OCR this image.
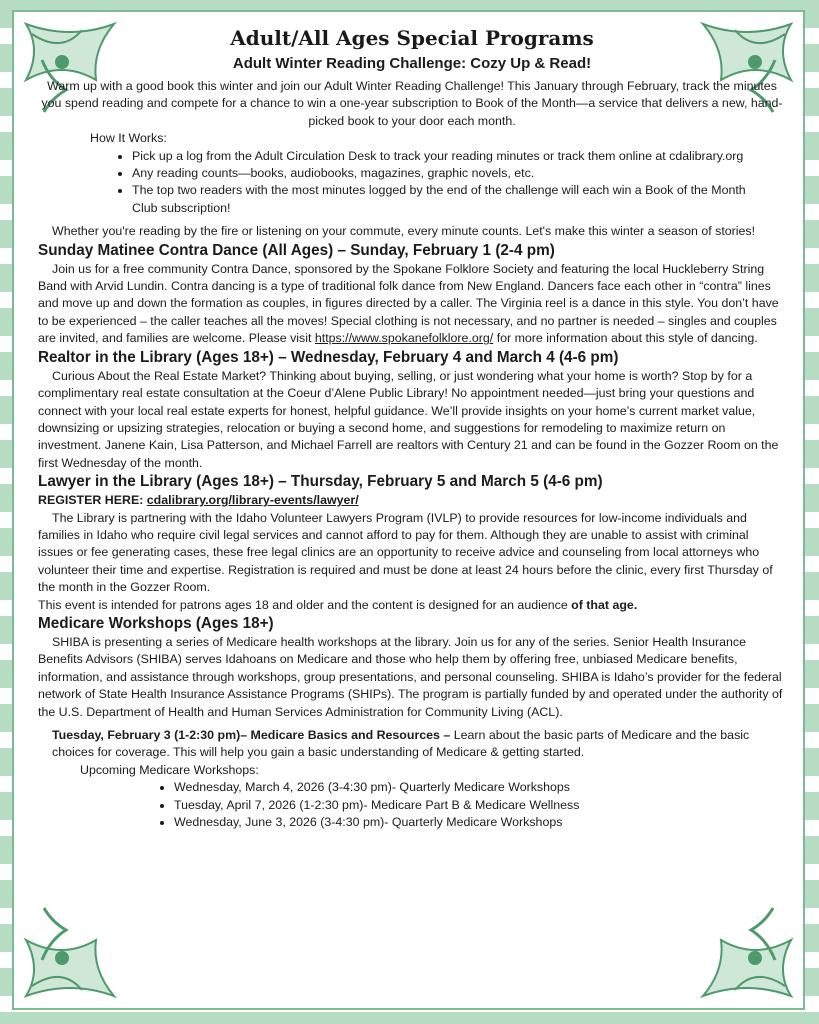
Adult/All Ages Special Programs
Adult Winter Reading Challenge: Cozy Up & Read!

Warm up with a good book this winter and join our Adult Winter Reading Challenge! This January through February, track the minutes you spend reading and compete for a chance to win a one-year subscription to Book of the Month—a service that delivers a new, hand-picked book to your door each month.

How It Works:

• Pick up a log from the Adult Circulation Desk to track your reading minutes or track them online at cdalibrary.org
• Any reading counts—books, audiobooks, magazines, graphic novels, etc.
• The top two readers with the most minutes logged by the end of the challenge will each win a Book of the Month Club subscription!

Whether you're reading by the fire or listening on your commute, every minute counts. Let's make this winter a season of stories!

Sunday Matinee Contra Dance (All Ages) – Sunday, February 1 (2-4 pm)

Join us for a free community Contra Dance, sponsored by the Spokane Folklore Society and featuring the local Huckleberry String Band with Arvid Lundin. Contra dancing is a type of traditional folk dance from New England. Dancers face each other in “contra” lines and move up and down the formation as couples, in figures directed by a caller. The Virginia reel is a dance in this style. You don’t have to be experienced – the caller teaches all the moves! Special clothing is not necessary, and no partner is needed – singles and couples are invited, and families are welcome. Please visit https://www.spokanefolklore.org/ for more information about this style of dancing.

Realtor in the Library (Ages 18+) – Wednesday, February 4 and March 4 (4-6 pm)

Curious About the Real Estate Market? Thinking about buying, selling, or just wondering what your home is worth? Stop by for a complimentary real estate consultation at the Coeur d’Alene Public Library! No appointment needed—just bring your questions and connect with your local real estate experts for honest, helpful guidance. We’ll provide insights on your home’s current market value, downsizing or upsizing strategies, relocation or buying a second home, and suggestions for remodeling to maximize return on investment. Janene Kain, Lisa Patterson, and Michael Farrell are realtors with Century 21 and can be found in the Gozzer Room on the first Wednesday of the month.

Lawyer in the Library (Ages 18+) – Thursday, February 5 and March 5 (4-6 pm)

REGISTER HERE: cdalibrary.org/library-events/lawyer/

The Library is partnering with the Idaho Volunteer Lawyers Program (IVLP) to provide resources for low-income individuals and families in Idaho who require civil legal services and cannot afford to pay for them. Although they are unable to assist with criminal issues or fee generating cases, these free legal clinics are an opportunity to receive advice and counseling from local attorneys who volunteer their time and expertise. Registration is required and must be done at least 24 hours before the clinic, every first Thursday of the month in the Gozzer Room.

This event is intended for patrons ages 18 and older and the content is designed for an audience of that age.

Medicare Workshops (Ages 18+)

SHIBA is presenting a series of Medicare health workshops at the library. Join us for any of the series. Senior Health Insurance Benefits Advisors (SHIBA) serves Idahoans on Medicare and those who help them by offering free, unbiased Medicare benefits, information, and assistance through workshops, group presentations, and personal counseling. SHIBA is Idaho’s provider for the federal network of State Health Insurance Assistance Programs (SHIPs). The program is partially funded by and operated under the authority of the U.S. Department of Health and Human Services Administration for Community Living (ACL).

Tuesday, February 3 (1-2:30 pm)– Medicare Basics and Resources – Learn about the basic parts of Medicare and the basic choices for coverage. This will help you gain a basic understanding of Medicare & getting started.

Upcoming Medicare Workshops:

• Wednesday, March 4, 2026 (3-4:30 pm)- Quarterly Medicare Workshops
• Tuesday, April 7, 2026 (1-2:30 pm)- Medicare Part B & Medicare Wellness
• Wednesday, June 3, 2026 (3-4:30 pm)- Quarterly Medicare Workshops
